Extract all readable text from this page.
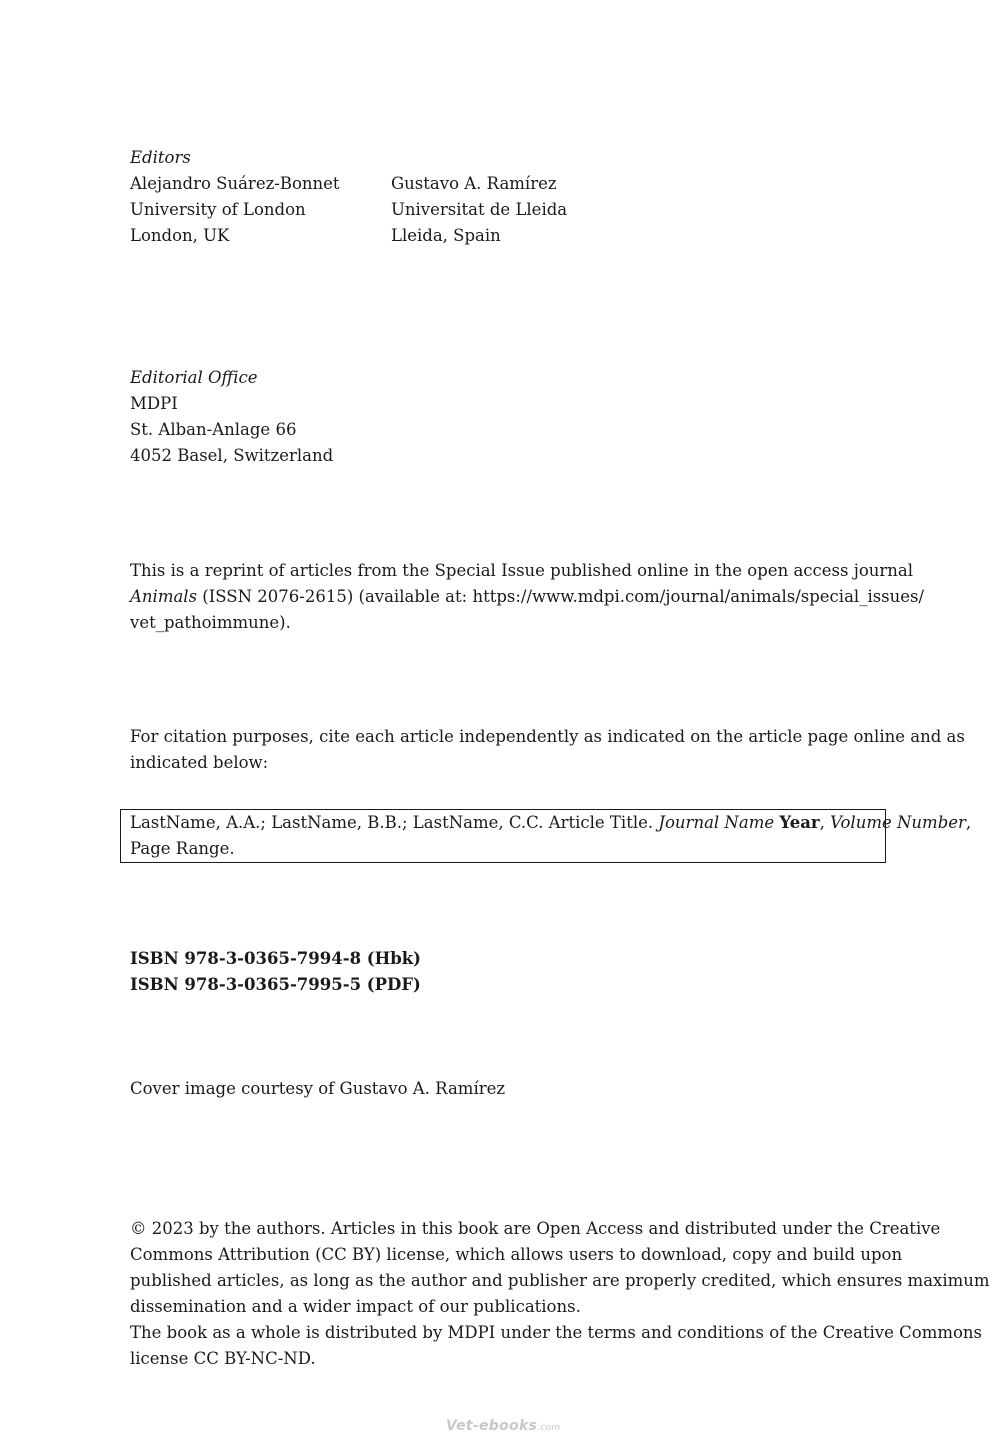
Editors
Alejandro Suárez-Bonnet
University of London
London, UK
Gustavo A. Ramírez
Universitat de Lleida
Lleida, Spain
Editorial Office
MDPI
St. Alban-Anlage 66
4052 Basel, Switzerland
This is a reprint of articles from the Special Issue published online in the open access journal
Animals (ISSN 2076-2615) (available at: https://www.mdpi.com/journal/animals/special_issues/
vet_pathoimmune).
For citation purposes, cite each article independently as indicated on the article page online and as
indicated below:
LastName, A.A.; LastName, B.B.; LastName, C.C. Article Title. Journal Name Year, Volume Number,
Page Range.
ISBN 978-3-0365-7994-8 (Hbk)
ISBN 978-3-0365-7995-5 (PDF)
Cover image courtesy of Gustavo A. Ramírez
© 2023 by the authors. Articles in this book are Open Access and distributed under the Creative
Commons Attribution (CC BY) license, which allows users to download, copy and build upon
published articles, as long as the author and publisher are properly credited, which ensures maximum
dissemination and a wider impact of our publications.
The book as a whole is distributed by MDPI under the terms and conditions of the Creative Commons
license CC BY-NC-ND.
Vet-ebooks.com
